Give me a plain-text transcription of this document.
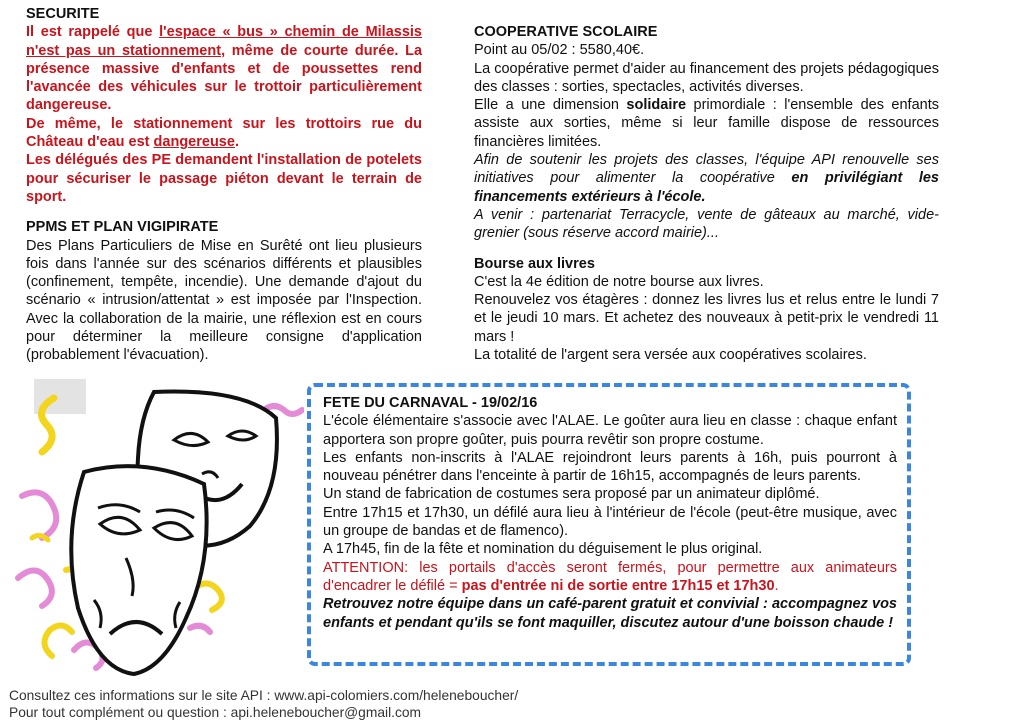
SECURITE

Il est rappelé que l'espace « bus » chemin de Milassis n'est pas un stationnement, même de courte durée. La présence massive d'enfants et de poussettes rend l'avancée des véhicules sur le trottoir particulièrement dangereuse.

De même, le stationnement sur les trottoirs rue du Château d'eau est dangereuse.

Les délégués des PE demandent l'installation de potelets pour sécuriser le passage piéton devant le terrain de sport.

PPMS ET PLAN VIGIPIRATE

Des Plans Particuliers de Mise en Surêté ont lieu plusieurs fois dans l'année sur des scénarios différents et plausibles (confinement, tempête, incendie). Une demande d'ajout du scénario « intrusion/attentat » est imposée par l'Inspection. Avec la collaboration de la mairie, une réflexion est en cours pour déterminer la meilleure consigne d'application (probablement l'évacuation).

COOPERATIVE SCOLAIRE

Point au 05/02 : 5580,40€.

La coopérative permet d'aider au financement des projets pédagogiques des classes : sorties, spectacles, activités diverses.

Elle a une dimension solidaire primordiale : l'ensemble des enfants assiste aux sorties, même si leur famille dispose de ressources financières limitées.

Afin de soutenir les projets des classes, l'équipe API renouvelle ses initiatives pour alimenter la coopérative en privilégiant les financements extérieurs à l'école.

A venir : partenariat Terracycle, vente de gâteaux au marché, vide-grenier (sous réserve accord mairie)...

Bourse aux livres

C'est la 4e édition de notre bourse aux livres.

Renouvelez vos étagères : donnez les livres lus et relus entre le lundi 7 et le jeudi 10 mars. Et achetez des nouveaux à petit-prix le vendredi 11 mars !

La totalité de l'argent sera versée aux coopératives scolaires.

FETE DU CARNAVAL - 19/02/16

L'école élémentaire s'associe avec l'ALAE. Le goûter aura lieu en classe : chaque enfant apportera son propre goûter, puis pourra revêtir son propre costume.

Les enfants non-inscrits à l'ALAE rejoindront leurs parents à 16h, puis pourront à nouveau pénétrer dans l'enceinte à partir de 16h15, accompagnés de leurs parents.

Un stand de fabrication de costumes sera proposé par un animateur diplômé.

Entre 17h15 et 17h30, un défilé aura lieu à l'intérieur de l'école (peut-être musique, avec un groupe de bandas et de flamenco).

A 17h45, fin de la fête et nomination du déguisement le plus original.

ATTENTION: les portails d'accès seront fermés, pour permettre aux animateurs d'encadrer le défilé = pas d'entrée ni de sortie entre 17h15 et 17h30.

Retrouvez notre équipe dans un café-parent gratuit et convivial : accompagnez vos enfants et pendant qu'ils se font maquiller, discutez autour d'une boisson chaude !

Consultez ces informations sur le site API : www.api-colomiers.com/heleneboucher/
Pour tout complément ou question : api.heleneboucher@gmail.com
